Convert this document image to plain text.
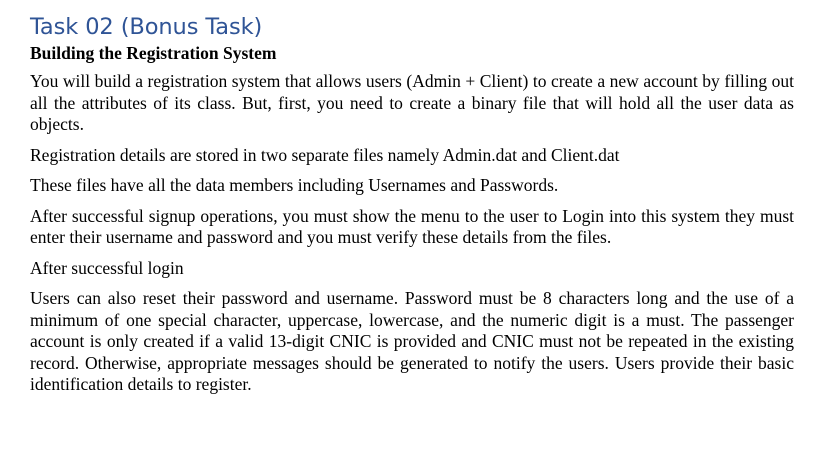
Task 02 (Bonus Task)
Building the Registration System

You will build a registration system that allows users (Admin + Client) to create a new account by filling out all the attributes of its class. But, first, you need to create a binary file that will hold all the user data as objects.

Registration details are stored in two separate files namely Admin.dat and Client.dat

These files have all the data members including Usernames and Passwords.

After successful signup operations, you must show the menu to the user to Login into this system they must enter their username and password and you must verify these details from the files.

After successful login

Users can also reset their password and username. Password must be 8 characters long and the use of a minimum of one special character, uppercase, lowercase, and the numeric digit is a must. The passenger account is only created if a valid 13-digit CNIC is provided and CNIC must not be repeated in the existing record. Otherwise, appropriate messages should be generated to notify the users. Users provide their basic identification details to register.
